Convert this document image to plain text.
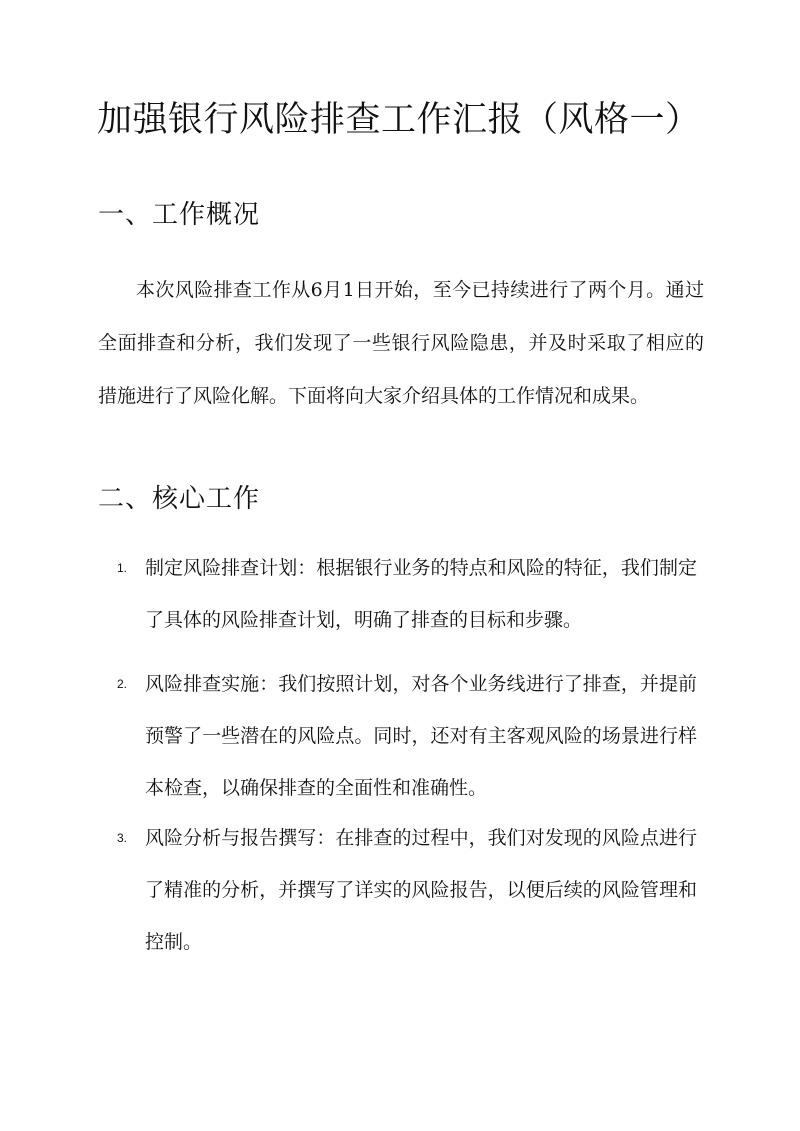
加强银行风险排查工作汇报（风格一）
一、工作概况
本次风险排查工作从6月1日开始，至今已持续进行了两个月。通过全面排查和分析，我们发现了一些银行风险隐患，并及时采取了相应的措施进行了风险化解。下面将向大家介绍具体的工作情况和成果。
二、核心工作
1. 制定风险排查计划：根据银行业务的特点和风险的特征，我们制定了具体的风险排查计划，明确了排查的目标和步骤。
2. 风险排查实施：我们按照计划，对各个业务线进行了排查，并提前预警了一些潜在的风险点。同时，还对有主客观风险的场景进行样本检查，以确保排查的全面性和准确性。
3. 风险分析与报告撰写：在排查的过程中，我们对发现的风险点进行了精准的分析，并撰写了详实的风险报告，以便后续的风险管理和控制。
